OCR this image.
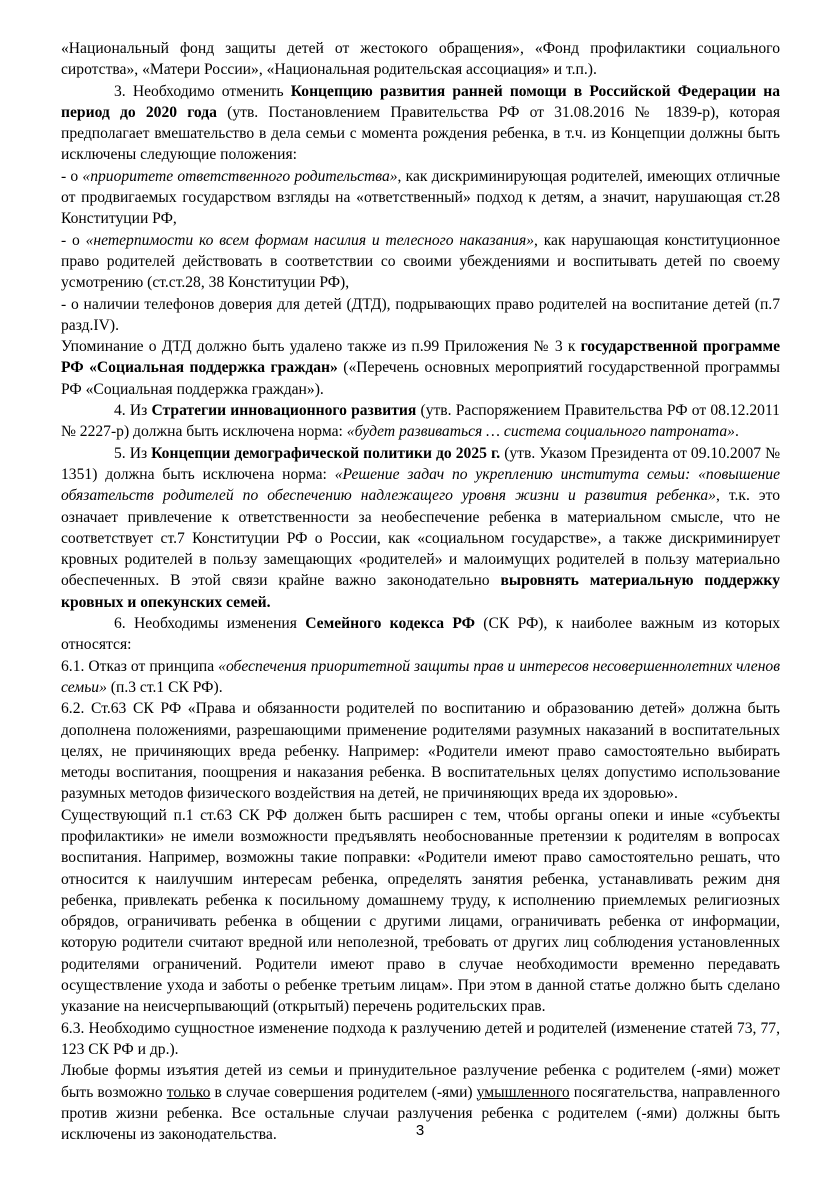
«Национальный фонд защиты детей от жестокого обращения», «Фонд профилактики социального сиротства», «Матери России», «Национальная родительская ассоциация» и т.п.).

3. Необходимо отменить Концепцию развития ранней помощи в Российской Федерации на период до 2020 года (утв. Постановлением Правительства РФ от 31.08.2016 № 1839-р), которая предполагает вмешательство в дела семьи с момента рождения ребенка, в т.ч. из Концепции должны быть исключены следующие положения:

- о «приоритете ответственного родительства», как дискриминирующая родителей, имеющих отличные от продвигаемых государством взгляды на «ответственный» подход к детям, а значит, нарушающая ст.28 Конституции РФ,

- о «нетерпимости ко всем формам насилия и телесного наказания», как нарушающая конституционное право родителей действовать в соответствии со своими убеждениями и воспитывать детей по своему усмотрению (ст.ст.28, 38 Конституции РФ),

- о наличии телефонов доверия для детей (ДТД), подрывающих право родителей на воспитание детей (п.7 разд.IV).

Упоминание о ДТД должно быть удалено также из п.99 Приложения № 3 к государственной программе РФ «Социальная поддержка граждан» («Перечень основных мероприятий государственной программы РФ «Социальная поддержка граждан»).

4. Из Стратегии инновационного развития (утв. Распоряжением Правительства РФ от 08.12.2011 № 2227-р) должна быть исключена норма: «будет развиваться … система социального патроната».

5. Из Концепции демографической политики до 2025 г. (утв. Указом Президента от 09.10.2007 № 1351) должна быть исключена норма: «Решение задач по укреплению института семьи: «повышение обязательств родителей по обеспечению надлежащего уровня жизни и развития ребенка», т.к. это означает привлечение к ответственности за необеспечение ребенка в материальном смысле, что не соответствует ст.7 Конституции РФ о России, как «социальном государстве», а также дискриминирует кровных родителей в пользу замещающих «родителей» и малоимущих родителей в пользу материально обеспеченных. В этой связи крайне важно законодательно выровнять материальную поддержку кровных и опекунских семей.

6. Необходимы изменения Семейного кодекса РФ (СК РФ), к наиболее важным из которых относятся:

6.1. Отказ от принципа «обеспечения приоритетной защиты прав и интересов несовершеннолетних членов семьи» (п.3 ст.1 СК РФ).

6.2. Ст.63 СК РФ «Права и обязанности родителей по воспитанию и образованию детей» должна быть дополнена положениями, разрешающими применение родителями разумных наказаний в воспитательных целях, не причиняющих вреда ребенку. Например: «Родители имеют право самостоятельно выбирать методы воспитания, поощрения и наказания ребенка. В воспитательных целях допустимо использование разумных методов физического воздействия на детей, не причиняющих вреда их здоровью».

Существующий п.1 ст.63 СК РФ должен быть расширен с тем, чтобы органы опеки и иные «субъекты профилактики» не имели возможности предъявлять необоснованные претензии к родителям в вопросах воспитания. Например, возможны такие поправки: «Родители имеют право самостоятельно решать, что относится к наилучшим интересам ребенка, определять занятия ребенка, устанавливать режим дня ребенка, привлекать ребенка к посильному домашнему труду, к исполнению приемлемых религиозных обрядов, ограничивать ребенка в общении с другими лицами, ограничивать ребенка от информации, которую родители считают вредной или неполезной, требовать от других лиц соблюдения установленных родителями ограничений. Родители имеют право в случае необходимости временно передавать осуществление ухода и заботы о ребенке третьим лицам». При этом в данной статье должно быть сделано указание на неисчерпывающий (открытый) перечень родительских прав.

6.3. Необходимо сущностное изменение подхода к разлучению детей и родителей (изменение статей 73, 77, 123 СК РФ и др.).

Любые формы изъятия детей из семьи и принудительное разлучение ребенка с родителем (-ями) может быть возможно только в случае совершения родителем (-ями) умышленного посягательства, направленного против жизни ребенка. Все остальные случаи разлучения ребенка с родителем (-ями) должны быть исключены из законодательства.	3
